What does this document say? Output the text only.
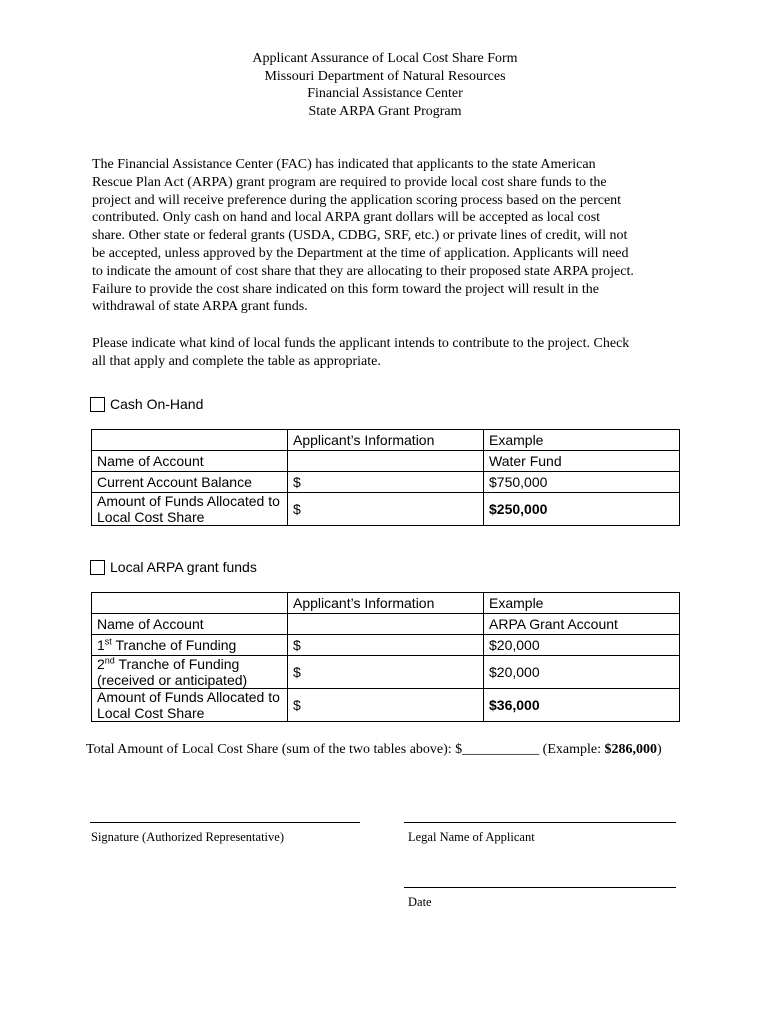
Applicant Assurance of Local Cost Share Form
Missouri Department of Natural Resources
Financial Assistance Center
State ARPA Grant Program
The Financial Assistance Center (FAC) has indicated that applicants to the state American
Rescue Plan Act (ARPA) grant program are required to provide local cost share funds to the
project and will receive preference during the application scoring process based on the percent
contributed. Only cash on hand and local ARPA grant dollars will be accepted as local cost
share. Other state or federal grants (USDA, CDBG, SRF, etc.) or private lines of credit, will not
be accepted, unless approved by the Department at the time of application. Applicants will need
to indicate the amount of cost share that they are allocating to their proposed state ARPA project.
Failure to provide the cost share indicated on this form toward the project will result in the
withdrawal of state ARPA grant funds.
Please indicate what kind of local funds the applicant intends to contribute to the project. Check
all that apply and complete the table as appropriate.
Cash On-Hand
	Applicant’s Information	Example
Name of Account		Water Fund
Current Account Balance	$	$750,000

Amount of Funds Allocated to
Local Cost Share	$	$250,000
Local ARPA grant funds
	Applicant’s Information	Example
Name of Account		ARPA Grant Account
1st Tranche of Funding	$	$20,000

2nd Tranche of Funding
(received or anticipated)	$	$20,000

Amount of Funds Allocated to
Local Cost Share	$	$36,000
Total Amount of Local Cost Share (sum of the two tables above): $___________ (Example: $286,000)
Signature (Authorized Representative)	Legal Name of Applicant
Date
